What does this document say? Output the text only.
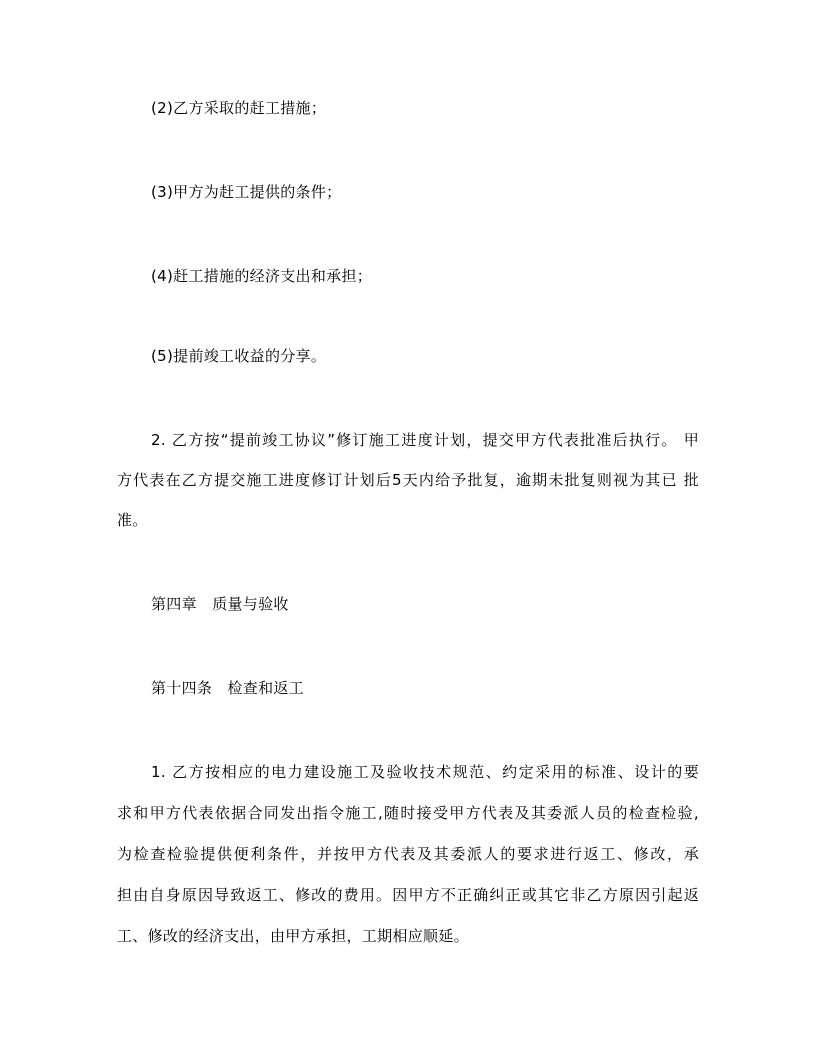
(2)乙方采取的赶工措施；
(3)甲方为赶工提供的条件；
(4)赶工措施的经济支出和承担；
(5)提前竣工收益的分享。
2. 乙方按“提前竣工协议”修订施工进度计划，提交甲方代表批准后执行。 甲
方代表在乙方提交施工进度修订计划后5天内给予批复，逾期未批复则视为其已 批
准。
第四章　质量与验收
第十四条　检查和返工
1. 乙方按相应的电力建设施工及验收技术规范、约定采用的标准、设计的要
求和甲方代表依据合同发出指令施工,随时接受甲方代表及其委派人员的检查检验,
为检查检验提供便利条件，并按甲方代表及其委派人的要求进行返工、修改，承
担由自身原因导致返工、修改的费用。因甲方不正确纠正或其它非乙方原因引起返
工、修改的经济支出，由甲方承担，工期相应顺延。
